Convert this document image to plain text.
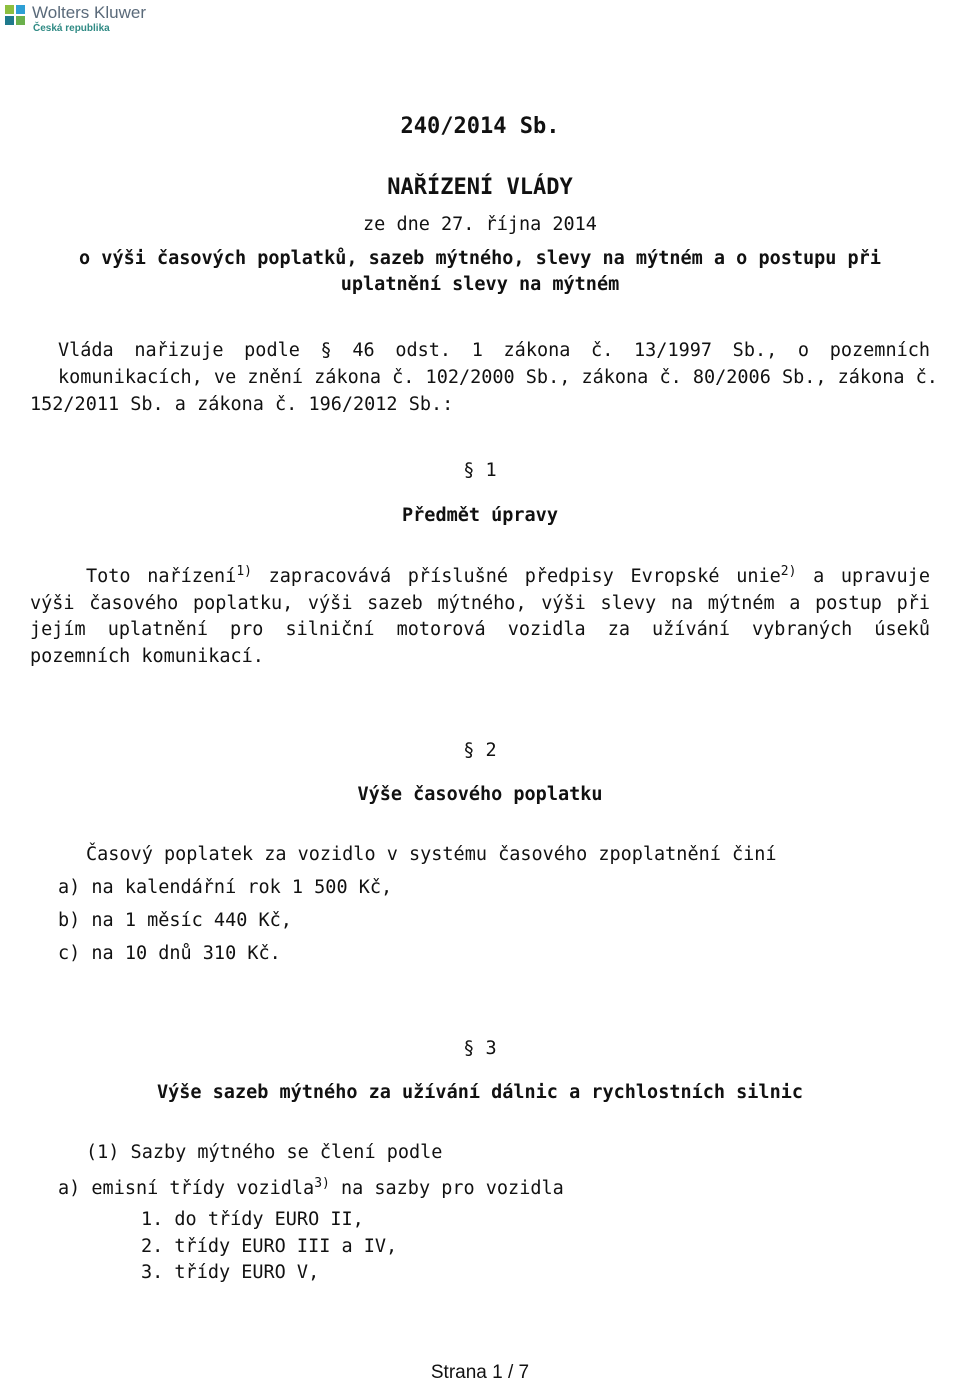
Wolters Kluwer
Česká republika
240/2014 Sb.
NAŘÍZENÍ VLÁDY
ze dne 27. října 2014
o výši časových poplatků, sazeb mýtného, slevy na mýtném a o postupu při
uplatnění slevy na mýtném
Vláda nařizuje podle § 46 odst. 1 zákona č. 13/1997 Sb., o pozemních
komunikacích, ve znění zákona č. 102/2000 Sb., zákona č. 80/2006 Sb., zákona č.
152/2011 Sb. a zákona č. 196/2012 Sb.:
§ 1
Předmět úpravy
Toto nařízení$^{1)}$ zapracovává příslušné předpisy Evropské unie$^{2)}$ a upravuje
výši časového poplatku, výši sazeb mýtného, výši slevy na mýtném a postup při
jejím uplatnění pro silniční motorová vozidla za užívání vybraných úseků
pozemních komunikací.
§ 2
Výše časového poplatku
Časový poplatek za vozidlo v systému časového zpoplatnění činí
a) na kalendářní rok 1 500 Kč,
b) na 1 měsíc 440 Kč,
c) na 10 dnů 310 Kč.
§ 3
Výše sazeb mýtného za užívání dálnic a rychlostních silnic
(1) Sazby mýtného se člení podle
a) emisní třídy vozidla$^{3)}$ na sazby pro vozidla
1. do třídy EURO II,
2. třídy EURO III a IV,
3. třídy EURO V,
Strana 1 / 7
